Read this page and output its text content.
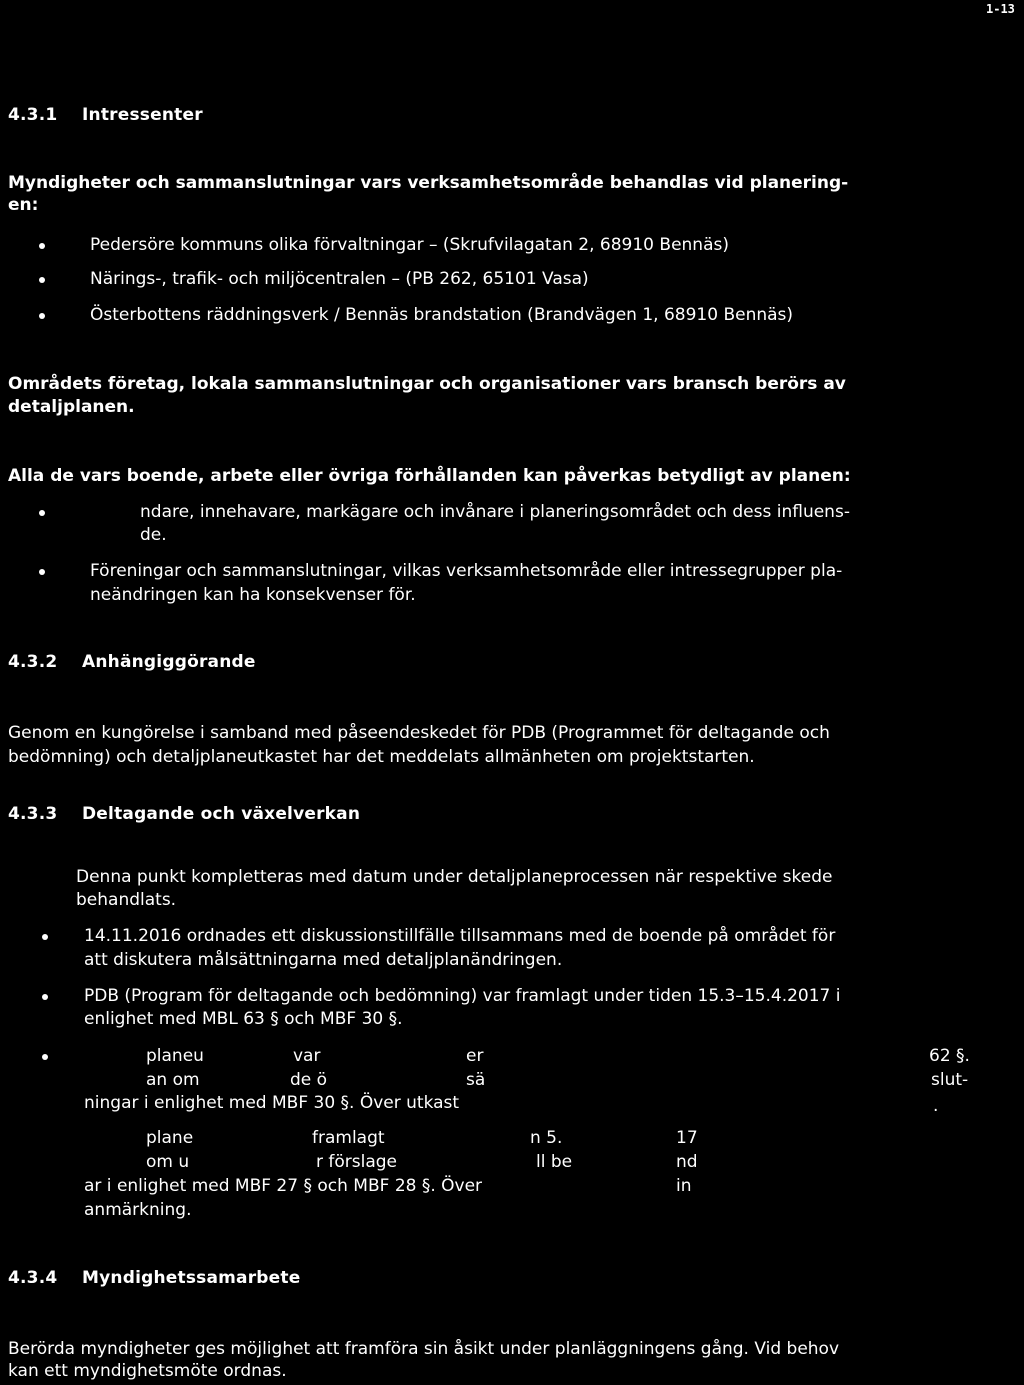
1-13
4.3.1 Intressenter
Myndigheter och sammanslutningar vars verksamhetsområde behandlas vid planering-
en:
Pedersöre kommuns olika förvaltningar – (Skrufvilagatan 2, 68910 Bennäs)
Närings-, trafik- och miljöcentralen – (PB 262, 65101 Vasa)
Österbottens räddningsverk / Bennäs brandstation (Brandvägen 1, 68910 Bennäs)
Områdets företag, lokala sammanslutningar och organisationer vars bransch berörs av
detaljplanen.
Alla de vars boende, arbete eller övriga förhållanden kan påverkas betydligt av planen:
ndare, innehavare, markägare och invånare i planeringsområdet och dess influens-
de.
Föreningar och sammanslutningar, vilkas verksamhetsområde eller intressegrupper pla-
neändringen kan ha konsekvenser för.
4.3.2 Anhängiggörande
Genom en kungörelse i samband med påseendeskedet för PDB (Programmet för deltagande och
bedömning) och detaljplaneutkastet har det meddelats allmänheten om projektstarten.
4.3.3 Deltagande och växelverkan
Denna punkt kompletteras med datum under detaljplaneprocessen när respektive skede
behandlats.
14.11.2016 ordnades ett diskussionstillfälle tillsammans med de boende på området för
att diskutera målsättningarna med detaljplanändringen.
PDB (Program för deltagande och bedömning) var framlagt under tiden 15.3–15.4.2017 i
enlighet med MBL 63 § och MBF 30 §.
planeu	var	er	62 §.
an om	de ö	sä	slut-
ningar i enlighet med MBF 30 §. Över utkast	.
plane	framlagt	n 5.	17
om u	r förslage	ll be	nd
ar i enlighet med MBF 27 § och MBF 28 §. Över	in
anmärkning.
4.3.4 Myndighetssamarbete
Berörda myndigheter ges möjlighet att framföra sin åsikt under planläggningens gång. Vid behov
kan ett myndighetsmöte ordnas.
